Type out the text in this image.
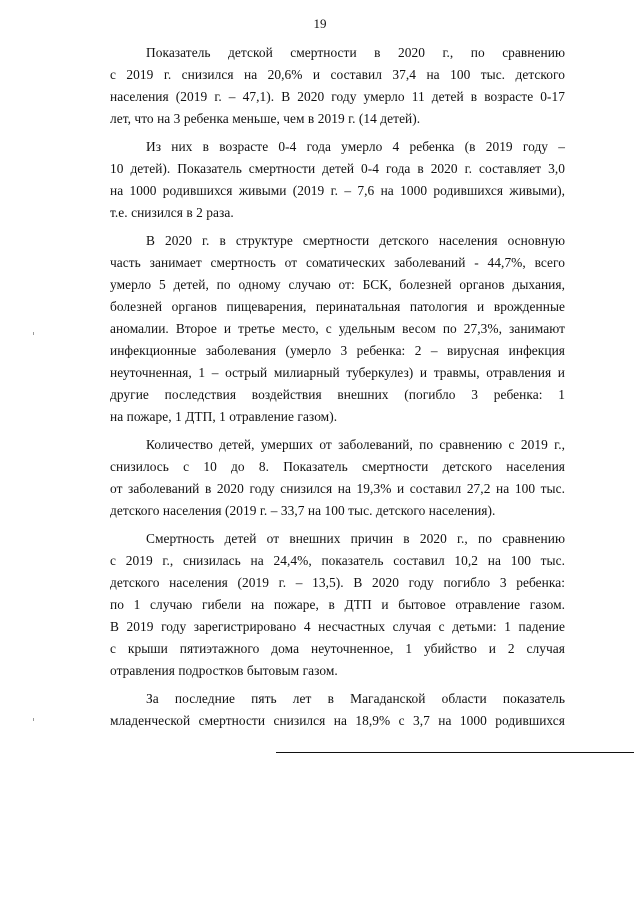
19

Показатель детской смертности в 2020 г., по сравнению
с 2019 г. снизился на 20,6% и составил 37,4 на 100 тыс. детского
населения (2019 г. – 47,1). В 2020 году умерло 11 детей в возрасте 0-17
лет, что на 3 ребенка меньше, чем в 2019 г. (14 детей).

Из них в возрасте 0-4 года умерло 4 ребенка (в 2019 году –
10 детей). Показатель смертности детей 0-4 года в 2020 г. составляет 3,0
на 1000 родившихся живыми (2019 г. – 7,6 на 1000 родившихся живыми),
т.е. снизился в 2 раза.

В 2020 г. в структуре смертности детского населения основную
часть занимает смертность от соматических заболеваний - 44,7%, всего
умерло 5 детей, по одному случаю от: БСК, болезней органов дыхания,
болезней органов пищеварения, перинатальная патология и врожденные
аномалии. Второе и третье место, с удельным весом по 27,3%, занимают
инфекционные заболевания (умерло 3 ребенка: 2 – вирусная инфекция
неуточненная, 1 – острый милиарный туберкулез) и травмы, отравления и
другие последствия воздействия внешних (погибло 3 ребенка: 1
на пожаре, 1 ДТП, 1 отравление газом).

Количество детей, умерших от заболеваний, по сравнению с 2019 г.,
снизилось с 10 до 8. Показатель смертности детского населения
от заболеваний в 2020 году снизился на 19,3% и составил 27,2 на 100 тыс.
детского населения (2019 г. – 33,7 на 100 тыс. детского населения).

Смертность детей от внешних причин в 2020 г., по сравнению
с 2019 г., снизилась на 24,4%, показатель составил 10,2 на 100 тыс.
детского населения (2019 г. – 13,5). В 2020 году погибло 3 ребенка:
по 1 случаю гибели на пожаре, в ДТП и бытовое отравление газом.
В 2019 году зарегистрировано 4 несчастных случая с детьми: 1 падение
с крыши пятиэтажного дома неуточненное, 1 убийство и 2 случая
отравления подростков бытовым газом.

За последние пять лет в Магаданской области показатель
младенческой смертности снизился на 18,9% с 3,7 на 1000 родившихся
